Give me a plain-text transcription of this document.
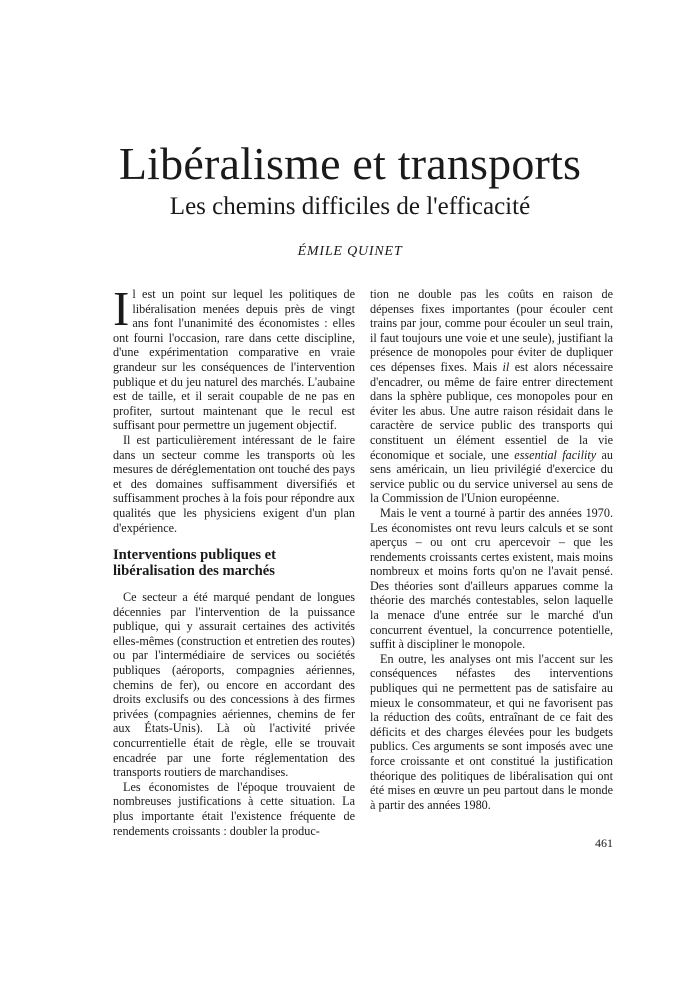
Libéralisme et transports
Les chemins difficiles de l'efficacité
ÉMILE QUINET

Il est un point sur lequel les politiques de libéralisation menées depuis près de vingt ans font l'unanimité des économistes : elles ont fourni l'occasion, rare dans cette discipline, d'une expérimentation comparative en vraie grandeur sur les conséquences de l'intervention publique et du jeu naturel des marchés. L'aubaine est de taille, et il serait coupable de ne pas en profiter, surtout maintenant que le recul est suffisant pour permettre un jugement objectif.

Il est particulièrement intéressant de le faire dans un secteur comme les transports où les mesures de déréglementation ont touché des pays et des domaines suffisamment diversifiés et suffisamment proches à la fois pour répondre aux qualités que les physiciens exigent d'un plan d'expérience.

Interventions publiques et libéralisation des marchés

Ce secteur a été marqué pendant de longues décennies par l'intervention de la puissance publique, qui y assurait certaines des activités elles-mêmes (construction et entretien des routes) ou par l'intermédiaire de services ou sociétés publiques (aéroports, compagnies aériennes, chemins de fer), ou encore en accordant des droits exclusifs ou des concessions à des firmes privées (compagnies aériennes, chemins de fer aux États-Unis). Là où l'activité privée concurrentielle était de règle, elle se trouvait encadrée par une forte réglementation des transports routiers de marchandises.

Les économistes de l'époque trouvaient de nombreuses justifications à cette situation. La plus importante était l'existence fréquente de rendements croissants : doubler la produc-

tion ne double pas les coûts en raison de dépenses fixes importantes (pour écouler cent trains par jour, comme pour écouler un seul train, il faut toujours une voie et une seule), justifiant la présence de monopoles pour éviter de dupliquer ces dépenses fixes. Mais il est alors nécessaire d'encadrer, ou même de faire entrer directement dans la sphère publique, ces monopoles pour en éviter les abus. Une autre raison résidait dans le caractère de service public des transports qui constituent un élément essentiel de la vie économique et sociale, une essential facility au sens américain, un lieu privilégié d'exercice du service public ou du service universel au sens de la Commission de l'Union européenne.

Mais le vent a tourné à partir des années 1970. Les économistes ont revu leurs calculs et se sont aperçus – ou ont cru apercevoir – que les rendements croissants certes existent, mais moins nombreux et moins forts qu'on ne l'avait pensé. Des théories sont d'ailleurs apparues comme la théorie des marchés contestables, selon laquelle la menace d'une entrée sur le marché d'un concurrent éventuel, la concurrence potentielle, suffit à discipliner le monopole.

En outre, les analyses ont mis l'accent sur les conséquences néfastes des interventions publiques qui ne permettent pas de satisfaire au mieux le consommateur, et qui ne favorisent pas la réduction des coûts, entraînant de ce fait des déficits et des charges élevées pour les budgets publics. Ces arguments se sont imposés avec une force croissante et ont constitué la justification théorique des politiques de libéralisation qui ont été mises en œuvre un peu partout dans le monde à partir des années 1980.

461
